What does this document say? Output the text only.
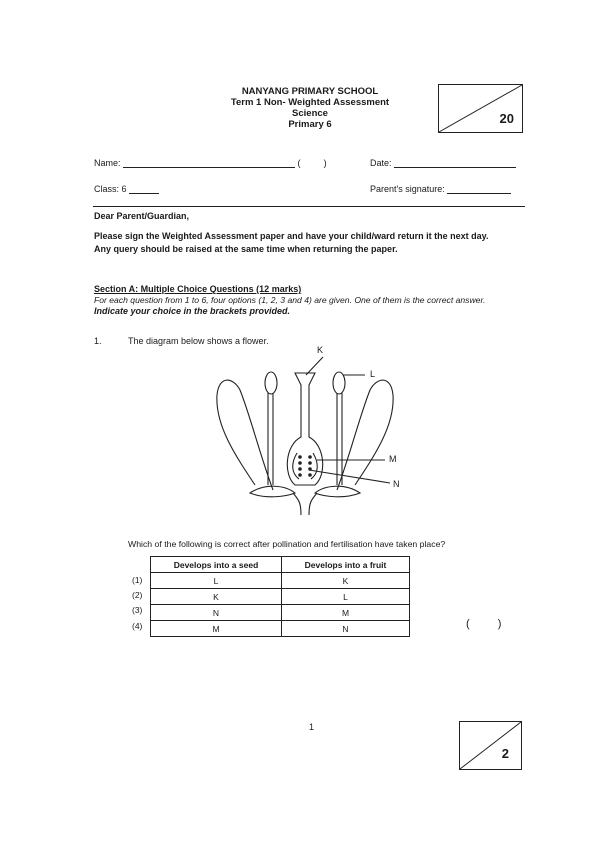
NANYANG PRIMARY SCHOOL
Term 1 Non- Weighted Assessment
Science
Primary 6	20
Name:	(	)	Date:
Class: 6	Parent's signature:
Dear Parent/Guardian,
Please sign the Weighted Assessment paper and have your child/ward return it the next day.
Any query should be raised at the same time when returning the paper.
Section A: Multiple Choice Questions (12 marks)
For each question from 1 to 6, four options (1, 2, 3 and 4) are given. One of them is the correct answer.
Indicate your choice in the brackets provided.
1.	The diagram below shows a flower.
K
L
M
N
Which of the following is correct after pollination and fertilisation have taken place?
(1)
(2)
(3)
(4)
Develops into a seed	Develops into a fruit
L	K
K	L
N	M
M	N	(	)
1
2
